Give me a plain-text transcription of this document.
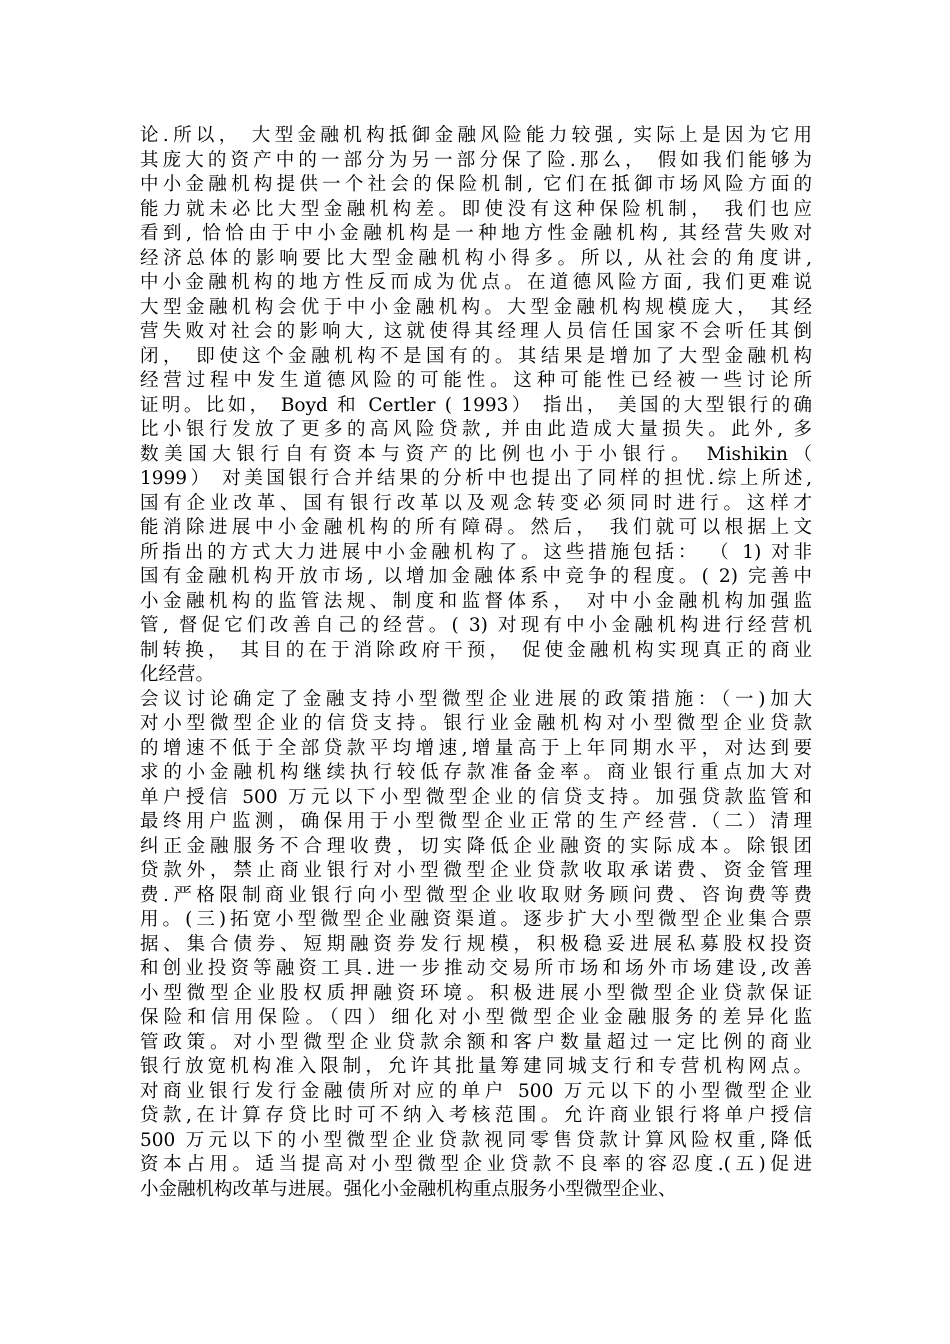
论.所以， 大型金融机构抵御金融风险能力较强, 实际上是因为它用
其庞大的资产中的一部分为另一部分保了险.那么， 假如我们能够为
中小金融机构提供一个社会的保险机制, 它们在抵御市场风险方面的
能力就未必比大型金融机构差。即使没有这种保险机制， 我们也应
看到, 恰恰由于中小金融机构是一种地方性金融机构, 其经营失败对
经济总体的影响要比大型金融机构小得多。所以, 从社会的角度讲,
中小金融机构的地方性反而成为优点。在道德风险方面, 我们更难说
大型金融机构会优于中小金融机构。大型金融机构规模庞大， 其经
营失败对社会的影响大, 这就使得其经理人员信任国家不会听任其倒
闭， 即使这个金融机构不是国有的。其结果是增加了大型金融机构
经营过程中发生道德风险的可能性。这种可能性已经被一些讨论所
证明。比如， Boyd 和 Certler ( 1993） 指出， 美国的大型银行的确
比小银行发放了更多的高风险贷款, 并由此造成大量损失。此外, 多
数美国大银行自有资本与资产的比例也小于小银行。 Mishikin（
1999） 对美国银行合并结果的分析中也提出了同样的担忧.综上所述,
国有企业改革、国有银行改革以及观念转变必须同时进行。这样才
能消除进展中小金融机构的所有障碍。然后， 我们就可以根据上文
所指出的方式大力进展中小金融机构了。这些措施包括： （ 1) 对非
国有金融机构开放市场, 以增加金融体系中竞争的程度。( 2) 完善中
小金融机构的监管法规、制度和监督体系， 对中小金融机构加强监
管, 督促它们改善自己的经营。( 3) 对现有中小金融机构进行经营机
制转换， 其目的在于消除政府干预， 促使金融机构实现真正的商业
化经营。
会议讨论确定了金融支持小型微型企业进展的政策措施：（一)加大
对小型微型企业的信贷支持。银行业金融机构对小型微型企业贷款
的增速不低于全部贷款平均增速,增量高于上年同期水平，对达到要
求的小金融机构继续执行较低存款准备金率。商业银行重点加大对
单户授信 500 万元以下小型微型企业的信贷支持。加强贷款监管和
最终用户监测，确保用于小型微型企业正常的生产经营.（二）清理
纠正金融服务不合理收费，切实降低企业融资的实际成本。除银团
贷款外，禁止商业银行对小型微型企业贷款收取承诺费、资金管理
费.严格限制商业银行向小型微型企业收取财务顾问费、咨询费等费
用。(三)拓宽小型微型企业融资渠道。逐步扩大小型微型企业集合票
据、集合债券、短期融资券发行规模，积极稳妥进展私募股权投资
和创业投资等融资工具.进一步推动交易所市场和场外市场建设,改善
小型微型企业股权质押融资环境。积极进展小型微型企业贷款保证
保险和信用保险。（四）细化对小型微型企业金融服务的差异化监
管政策。对小型微型企业贷款余额和客户数量超过一定比例的商业
银行放宽机构准入限制，允许其批量筹建同城支行和专营机构网点。
对商业银行发行金融债所对应的单户 500 万元以下的小型微型企业
贷款,在计算存贷比时可不纳入考核范围。允许商业银行将单户授信
500 万元以下的小型微型企业贷款视同零售贷款计算风险权重,降低
资本占用。适当提高对小型微型企业贷款不良率的容忍度.(五)促进
小金融机构改革与进展。强化小金融机构重点服务小型微型企业、
